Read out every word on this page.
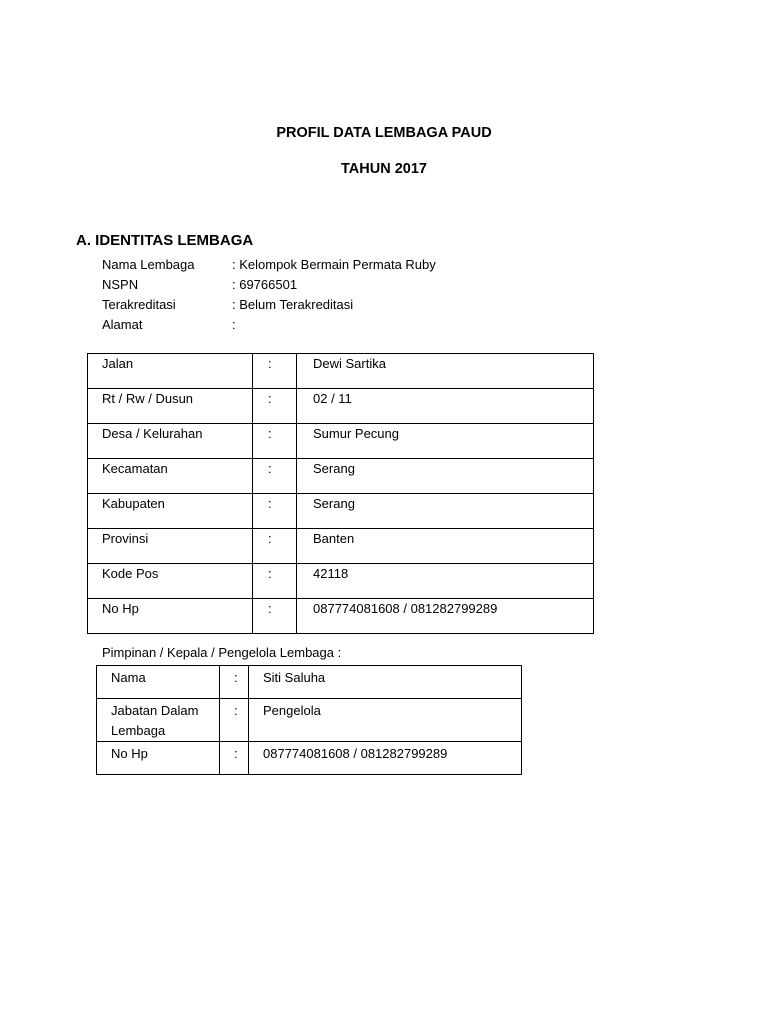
PROFIL DATA LEMBAGA PAUD
TAHUN 2017
A. IDENTITAS LEMBAGA
Nama Lembaga	: Kelompok Bermain Permata Ruby
NSPN	: 69766501
Terakreditasi	: Belum Terakreditasi
Alamat	:
Jalan	:	Dewi Sartika
Rt / Rw / Dusun	:	02 / 11
Desa / Kelurahan	:	Sumur Pecung
Kecamatan	:	Serang
Kabupaten	:	Serang
Provinsi	:	Banten
Kode Pos	:	42118
No Hp	:	087774081608 / 081282799289
Pimpinan / Kepala / Pengelola Lembaga :
Nama	:	Siti Saluha
Jabatan Dalam Lembaga	:	Pengelola
No Hp	:	087774081608 / 081282799289
